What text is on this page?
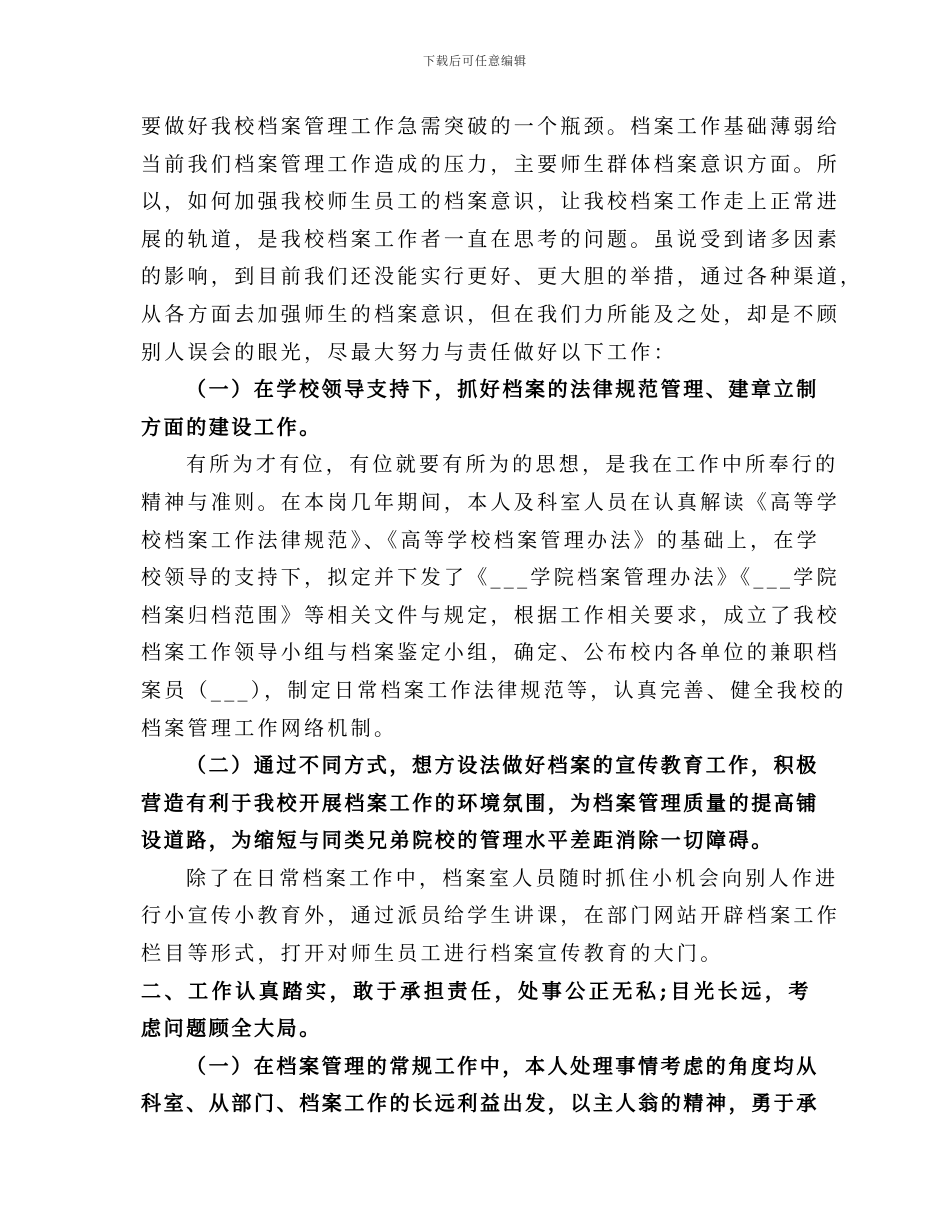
下载后可任意编辑
要做好我校档案管理工作急需突破的一个瓶颈。档案工作基础薄弱给
当前我们档案管理工作造成的压力，主要师生群体档案意识方面。所
以，如何加强我校师生员工的档案意识，让我校档案工作走上正常进
展的轨道，是我校档案工作者一直在思考的问题。虽说受到诸多因素
的影响，到目前我们还没能实行更好、更大胆的举措，通过各种渠道，
从各方面去加强师生的档案意识，但在我们力所能及之处，却是不顾
别人误会的眼光，尽最大努力与责任做好以下工作：
（一）在学校领导支持下，抓好档案的法律规范管理、建章立制
方面的建设工作。
有所为才有位，有位就要有所为的思想，是我在工作中所奉行的
精神与准则。在本岗几年期间，本人及科室人员在认真解读《高等学
校档案工作法律规范》、《高等学校档案管理办法》的基础上，在学
校领导的支持下，拟定并下发了《___学院档案管理办法》《___学院
档案归档范围》等相关文件与规定，根据工作相关要求，成立了我校
档案工作领导小组与档案鉴定小组，确定、公布校内各单位的兼职档
案员（___），制定日常档案工作法律规范等，认真完善、健全我校的
档案管理工作网络机制。
（二）通过不同方式，想方设法做好档案的宣传教育工作，积极
营造有利于我校开展档案工作的环境氛围，为档案管理质量的提高铺
设道路，为缩短与同类兄弟院校的管理水平差距消除一切障碍。
除了在日常档案工作中，档案室人员随时抓住小机会向别人作进
行小宣传小教育外，通过派员给学生讲课，在部门网站开辟档案工作
栏目等形式，打开对师生员工进行档案宣传教育的大门。
二、工作认真踏实，敢于承担责任，处事公正无私;目光长远，考
虑问题顾全大局。
（一）在档案管理的常规工作中，本人处理事情考虑的角度均从
科室、从部门、档案工作的长远利益出发，以主人翁的精神，勇于承
